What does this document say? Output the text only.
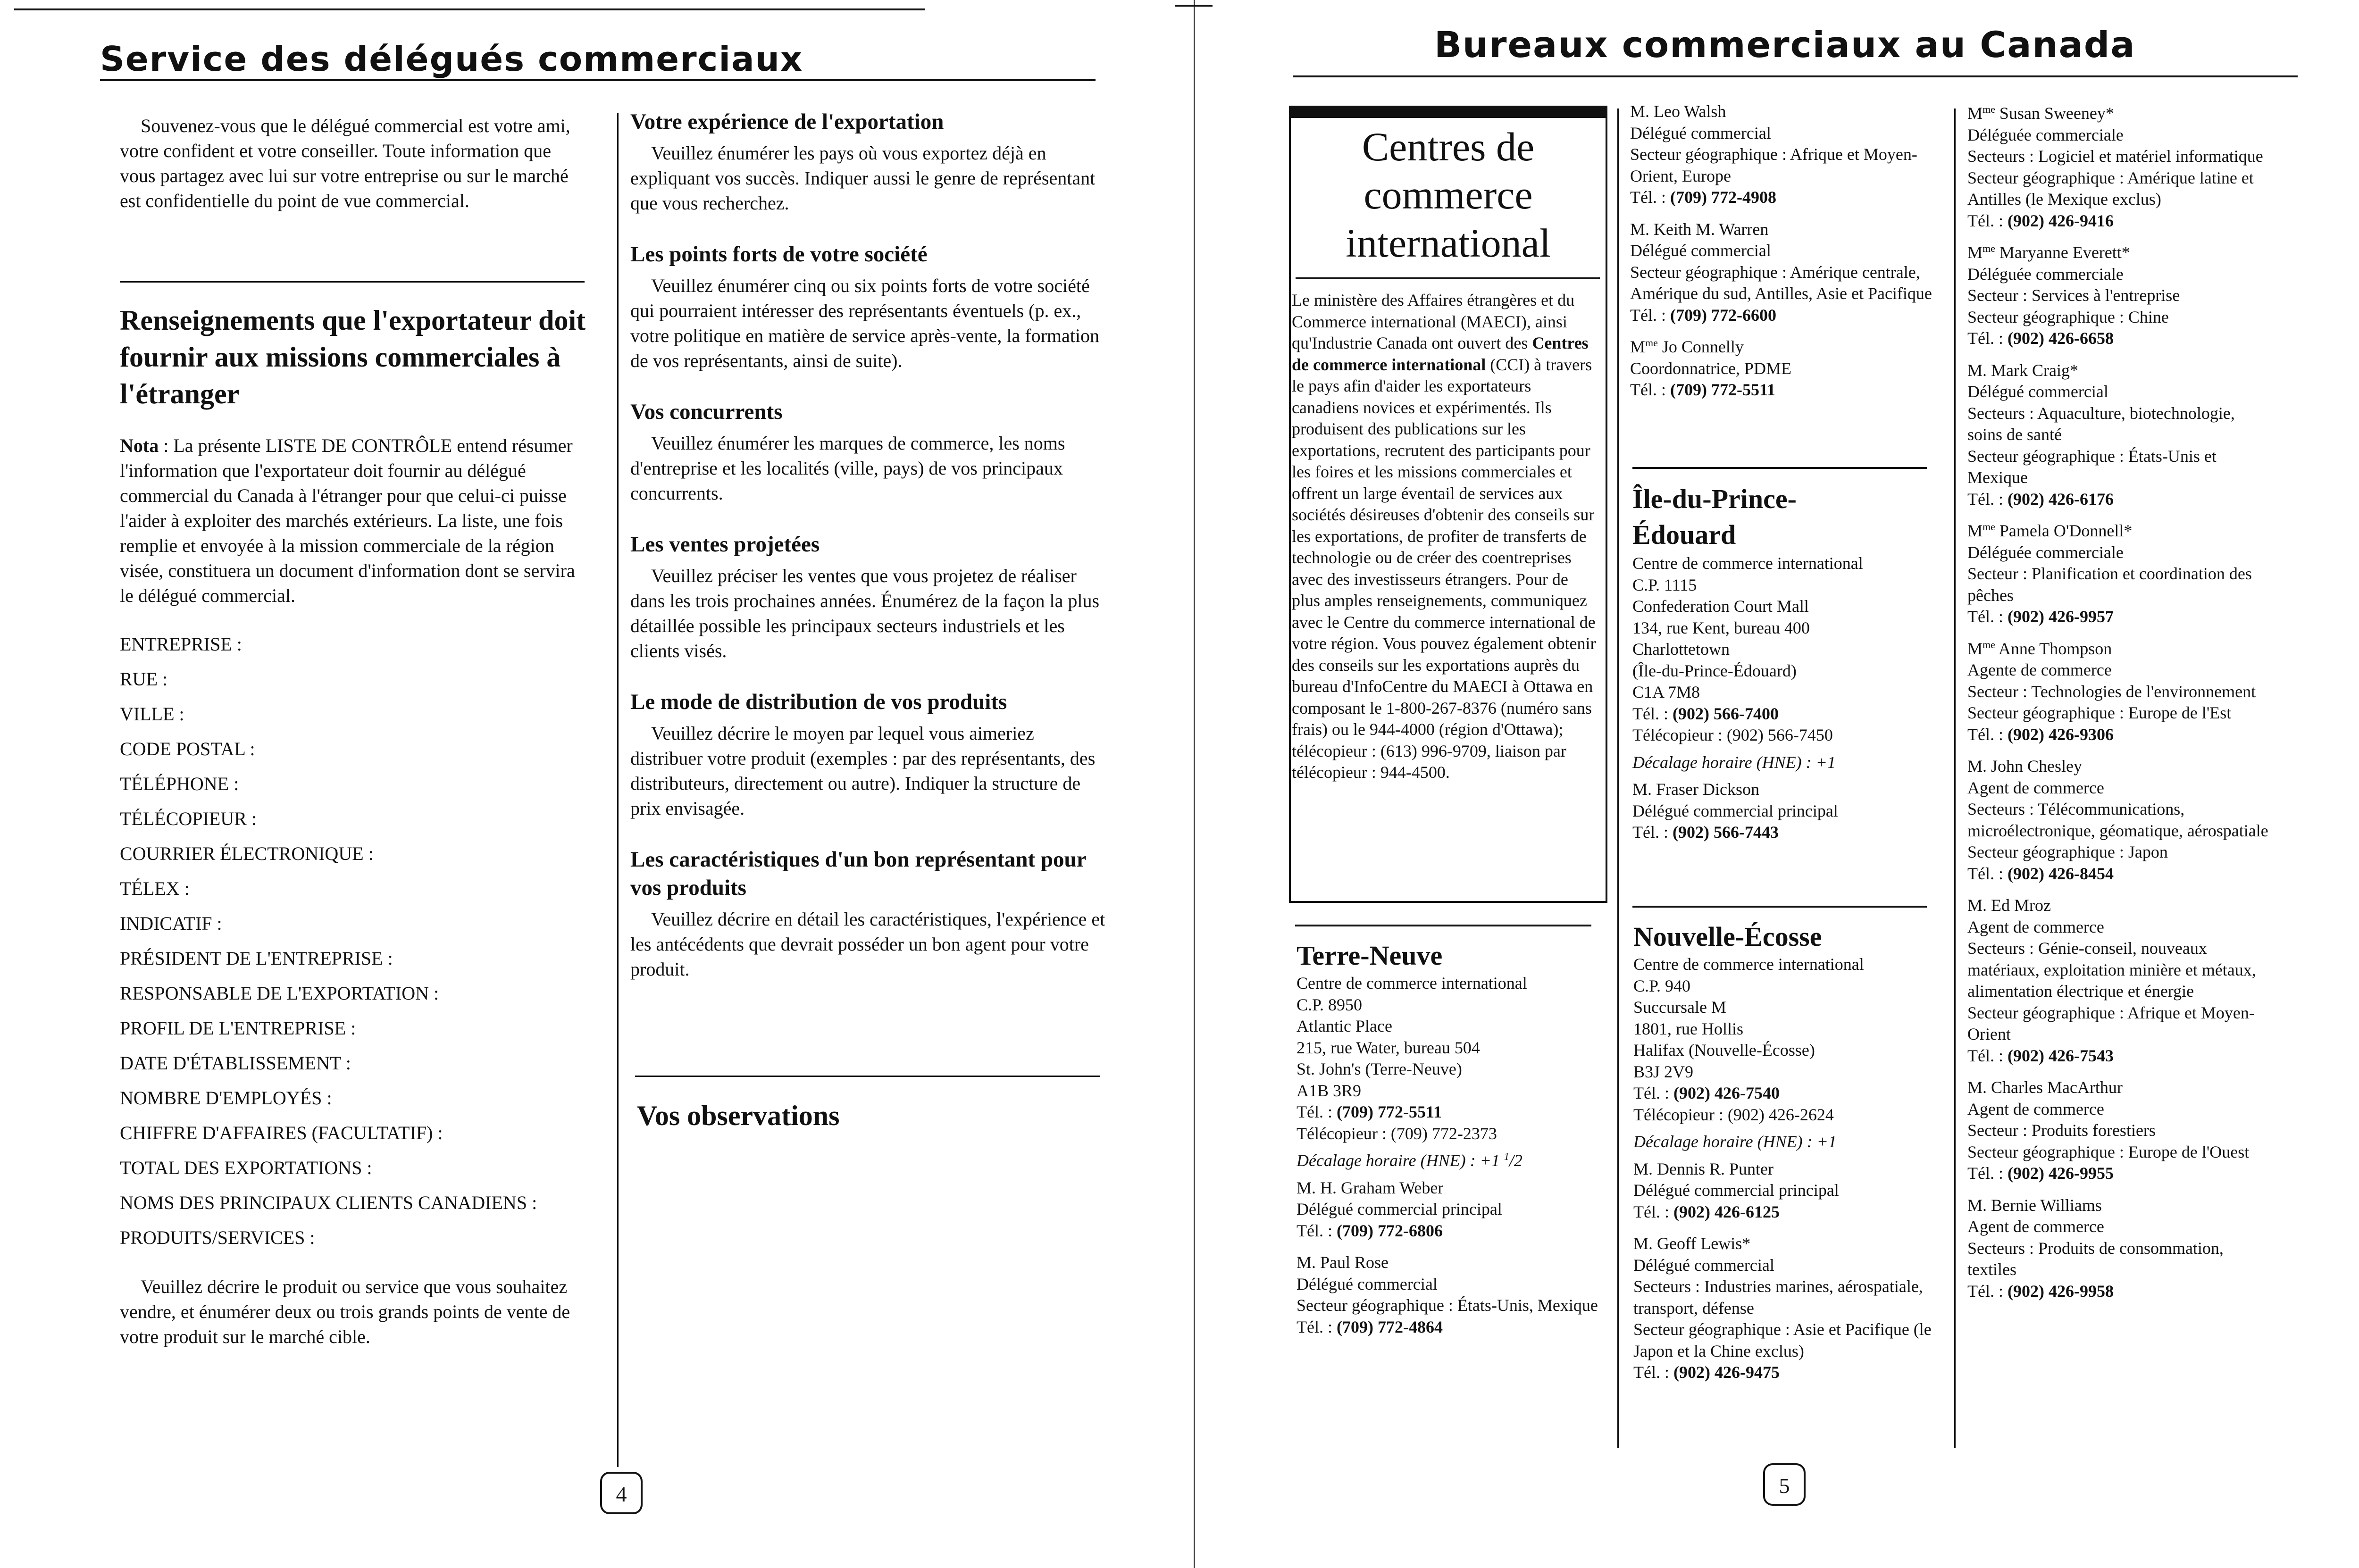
Service des délégués commerciaux

Souvenez-vous que le délégué commercial est votre ami, votre confident et votre conseiller. Toute information que vous partagez avec lui sur votre entreprise ou sur le marché est confidentielle du point de vue commercial.

Renseignements que l'exportateur doit fournir aux missions commerciales à l'étranger

Nota : La présente LISTE DE CONTRÔLE entend résumer l'information que l'exportateur doit fournir au délégué commercial du Canada à l'étranger pour que celui-ci puisse l'aider à exploiter des marchés extérieurs. La liste, une fois remplie et envoyée à la mission commerciale de la région visée, constituera un document d'information dont se servira le délégué commercial.

ENTREPRISE :
RUE :
VILLE :
CODE POSTAL :
TÉLÉPHONE :
TÉLÉCOPIEUR :
COURRIER ÉLECTRONIQUE :
TÉLEX :
INDICATIF :
PRÉSIDENT DE L'ENTREPRISE :
RESPONSABLE DE L'EXPORTATION :
PROFIL DE L'ENTREPRISE :
DATE D'ÉTABLISSEMENT :
NOMBRE D'EMPLOYÉS :
CHIFFRE D'AFFAIRES (FACULTATIF) :
TOTAL DES EXPORTATIONS :
NOMS DES PRINCIPAUX CLIENTS CANADIENS :
PRODUITS/SERVICES :

Veuillez décrire le produit ou service que vous souhaitez vendre, et énumérer deux ou trois grands points de vente de votre produit sur le marché cible.

Votre expérience de l'exportation

Veuillez énumérer les pays où vous exportez déjà en expliquant vos succès. Indiquer aussi le genre de représentant que vous recherchez.

Les points forts de votre société

Veuillez énumérer cinq ou six points forts de votre société qui pourraient intéresser des représentants éventuels (p. ex., votre politique en matière de service après-vente, la formation de vos représentants, ainsi de suite).

Vos concurrents

Veuillez énumérer les marques de commerce, les noms d'entreprise et les localités (ville, pays) de vos principaux concurrents.

Les ventes projetées

Veuillez préciser les ventes que vous projetez de réaliser dans les trois prochaines années. Énumérez de la façon la plus détaillée possible les principaux secteurs industriels et les clients visés.

Le mode de distribution de vos produits

Veuillez décrire le moyen par lequel vous aimeriez distribuer votre produit (exemples : par des représentants, des distributeurs, directement ou autre). Indiquer la structure de prix envisagée.

Les caractéristiques d'un bon représentant pour vos produits

Veuillez décrire en détail les caractéristiques, l'expérience et les antécédents que devrait posséder un bon agent pour votre produit.

Vos observations
4
Bureaux commerciaux au Canada
Centres de commerce international
Le ministère des Affaires étrangères et du Commerce international (MAECI), ainsi qu'Industrie Canada ont ouvert des Centres de commerce international (CCI) à travers le pays afin d'aider les exportateurs canadiens novices et expérimentés. Ils produisent des publications sur les exportations, recrutent des participants pour les foires et les missions commerciales et offrent un large éventail de services aux sociétés désireuses d'obtenir des conseils sur les exportations, de profiter de transferts de technologie ou de créer des coentreprises avec des investisseurs étrangers. Pour de plus amples renseignements, communiquez avec le Centre du commerce international de votre région. Vous pouvez également obtenir des conseils sur les exportations auprès du bureau d'InfoCentre du MAECI à Ottawa en composant le 1-800-267-8376 (numéro sans frais) ou le 944-4000 (région d'Ottawa); télécopieur : (613) 996-9709, liaison par télécopieur : 944-4500.
Terre-Neuve
Centre de commerce international
C.P. 8950
Atlantic Place
215, rue Water, bureau 504
St. John's (Terre-Neuve)
A1B 3R9
Tél. : (709) 772-5511
Télécopieur : (709) 772-2373
Décalage horaire (HNE) : +1 $^1$/2
M. H. Graham Weber
Délégué commercial principal
Tél. : (709) 772-6806
M. Paul Rose
Délégué commercial
Secteur géographique : États-Unis, Mexique
Tél. : (709) 772-4864
M. Leo Walsh
Délégué commercial
Secteur géographique : Afrique et Moyen-Orient, Europe
Tél. : (709) 772-4908
M. Keith M. Warren
Délégué commercial
Secteur géographique : Amérique centrale, Amérique du sud, Antilles, Asie et Pacifique
Tél. : (709) 772-6600
$M^{me}$ Jo Connelly
Coordonnatrice, PDME
Tél. : (709) 772-5511
Île-du-Prince-Édouard
Centre de commerce international
C.P. 1115
Confederation Court Mall
134, rue Kent, bureau 400
Charlottetown
(Île-du-Prince-Édouard)
C1A 7M8
Tél. : (902) 566-7400
Télécopieur : (902) 566-7450
Décalage horaire (HNE) : +1
M. Fraser Dickson
Délégué commercial principal
Tél. : (902) 566-7443
Nouvelle-Écosse
Centre de commerce international
C.P. 940
Succursale M
1801, rue Hollis
Halifax (Nouvelle-Écosse)
B3J 2V9
Tél. : (902) 426-7540
Télécopieur : (902) 426-2624
Décalage horaire (HNE) : +1
M. Dennis R. Punter
Délégué commercial principal
Tél. : (902) 426-6125
M. Geoff Lewis*
Délégué commercial
Secteurs : Industries marines, aérospatiale, transport, défense
Secteur géographique : Asie et Pacifique (le Japon et la Chine exclus)
Tél. : (902) 426-9475
$M^{me}$ Susan Sweeney*
Déléguée commerciale
Secteurs : Logiciel et matériel informatique
Secteur géographique : Amérique latine et Antilles (le Mexique exclus)
Tél. : (902) 426-9416
$M^{me}$ Maryanne Everett*
Déléguée commerciale
Secteur : Services à l'entreprise
Secteur géographique : Chine
Tél. : (902) 426-6658
M. Mark Craig*
Délégué commercial
Secteurs : Aquaculture, biotechnologie, soins de santé
Secteur géographique : États-Unis et Mexique
Tél. : (902) 426-6176
$M^{me}$ Pamela O'Donnell*
Déléguée commerciale
Secteur : Planification et coordination des pêches
Tél. : (902) 426-9957
$M^{me}$ Anne Thompson
Agente de commerce
Secteur : Technologies de l'environnement
Secteur géographique : Europe de l'Est
Tél. : (902) 426-9306
M. John Chesley
Agent de commerce
Secteurs : Télécommunications, microélectronique, géomatique, aérospatiale
Secteur géographique : Japon
Tél. : (902) 426-8454
M. Ed Mroz
Agent de commerce
Secteurs : Génie-conseil, nouveaux matériaux, exploitation minière et métaux, alimentation électrique et énergie
Secteur géographique : Afrique et Moyen-Orient
Tél. : (902) 426-7543
M. Charles MacArthur
Agent de commerce
Secteur : Produits forestiers
Secteur géographique : Europe de l'Ouest
Tél. : (902) 426-9955
M. Bernie Williams
Agent de commerce
Secteurs : Produits de consommation, textiles
Tél. : (902) 426-9958
5
